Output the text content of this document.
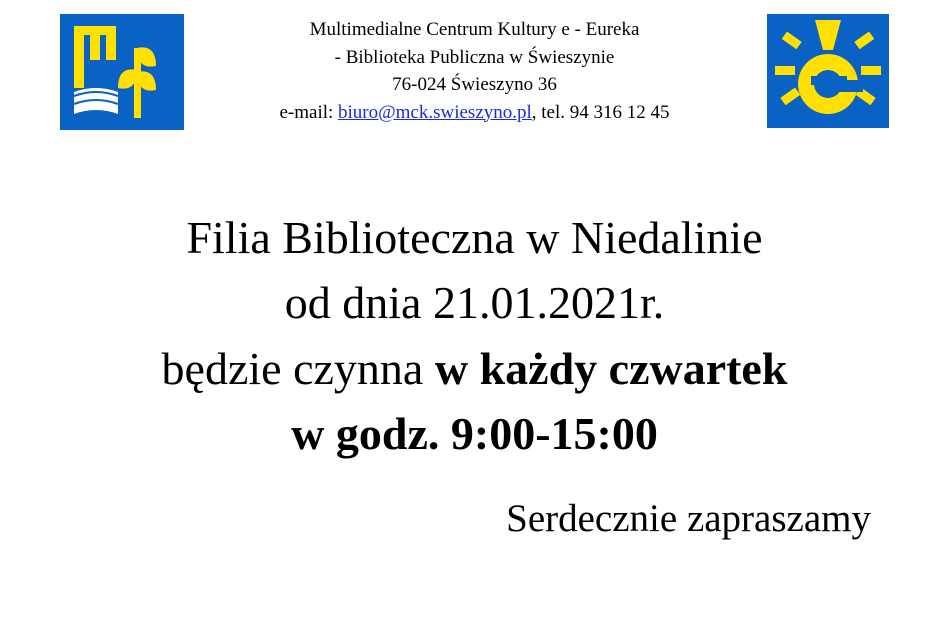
Multimedialne Centrum Kultury e - Eureka
- Biblioteka Publiczna w Świeszynie
76-024 Świeszyno 36
e-mail: biuro@mck.swieszyno.pl, tel. 94 316 12 45
Filia Biblioteczna w Niedalinie
od dnia 21.01.2021r.
będzie czynna w każdy czwartek
w godz. 9:00-15:00
Serdecznie zapraszamy
